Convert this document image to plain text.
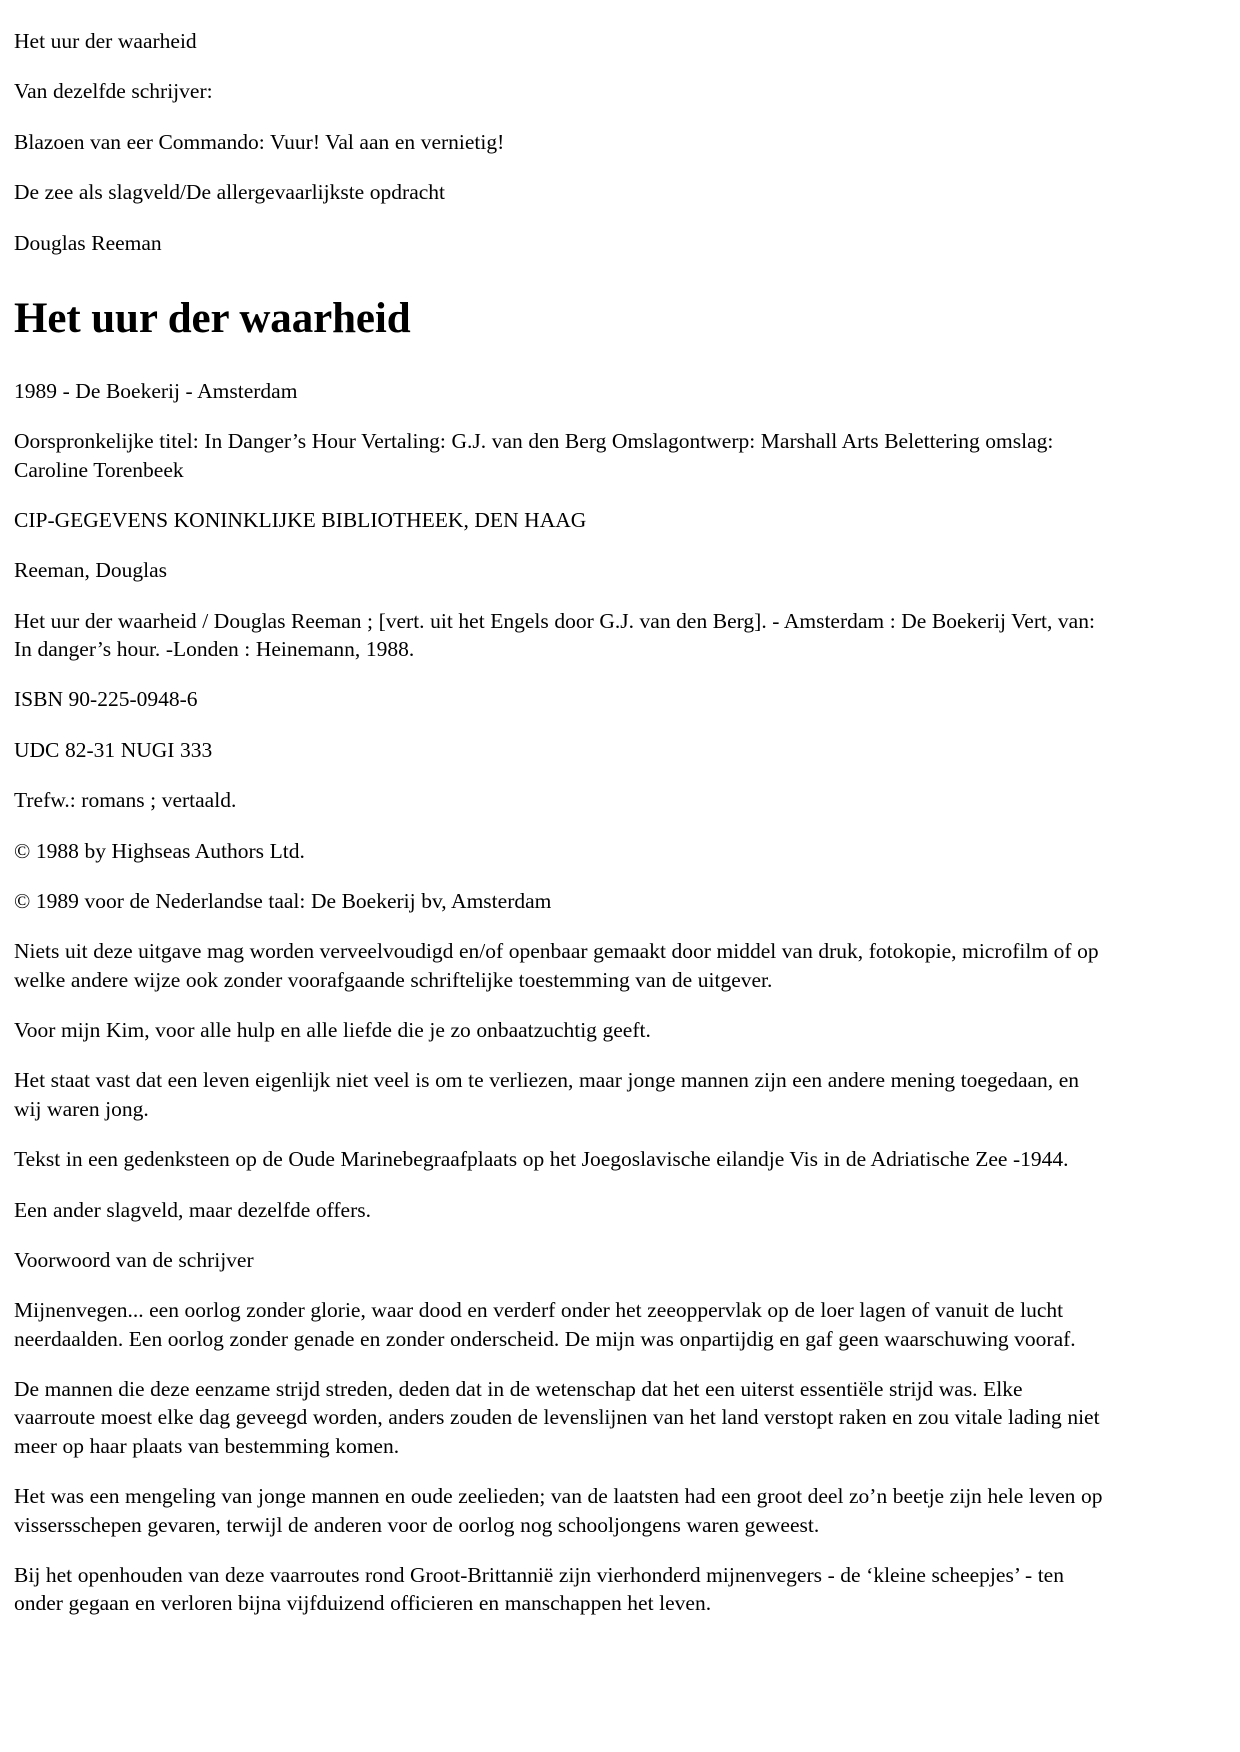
Het uur der waarheid

Van dezelfde schrijver:

Blazoen van eer Commando: Vuur! Val aan en vernietig!

De zee als slagveld/De allergevaarlijkste opdracht

Douglas Reeman

Het uur der waarheid

1989 - De Boekerij - Amsterdam

Oorspronkelijke titel: In Danger’s Hour Vertaling: G.J. van den Berg Omslagontwerp: Marshall Arts Belettering omslag: Caroline Torenbeek

CIP-GEGEVENS KONINKLIJKE BIBLIOTHEEK, DEN HAAG

Reeman, Douglas

Het uur der waarheid / Douglas Reeman ; [vert. uit het Engels door G.J. van den Berg]. - Amsterdam : De Boekerij Vert, van: In danger’s hour. -Londen : Heinemann, 1988.

ISBN 90-225-0948-6

UDC 82-31 NUGI 333

Trefw.: romans ; vertaald.

© 1988 by Highseas Authors Ltd.

© 1989 voor de Nederlandse taal: De Boekerij bv, Amsterdam

Niets uit deze uitgave mag worden verveelvoudigd en/of openbaar gemaakt door middel van druk, fotokopie, microfilm of op welke andere wijze ook zonder voorafgaande schriftelijke toestemming van de uitgever.

Voor mijn Kim, voor alle hulp en alle liefde die je zo onbaatzuchtig geeft.

Het staat vast dat een leven eigenlijk niet veel is om te verliezen, maar jonge mannen zijn een andere mening toegedaan, en wij waren jong.

Tekst in een gedenksteen op de Oude Marinebegraafplaats op het Joegoslavische eilandje Vis in de Adriatische Zee -1944.

Een ander slagveld, maar dezelfde offers.

Voorwoord van de schrijver

Mijnenvegen... een oorlog zonder glorie, waar dood en verderf onder het zeeoppervlak op de loer lagen of vanuit de lucht neerdaalden. Een oorlog zonder genade en zonder onderscheid. De mijn was onpartijdig en gaf geen waarschuwing vooraf.

De mannen die deze eenzame strijd streden, deden dat in de wetenschap dat het een uiterst essentiële strijd was. Elke vaarroute moest elke dag geveegd worden, anders zouden de levenslijnen van het land verstopt raken en zou vitale lading niet meer op haar plaats van bestemming komen.

Het was een mengeling van jonge mannen en oude zeelieden; van de laatsten had een groot deel zo’n beetje zijn hele leven op vissersschepen gevaren, terwijl de anderen voor de oorlog nog schooljongens waren geweest.

Bij het openhouden van deze vaarroutes rond Groot-Brittannië zijn vierhonderd mijnenvegers - de ‘kleine scheepjes’ - ten onder gegaan en verloren bijna vijfduizend officieren en manschappen het leven.
